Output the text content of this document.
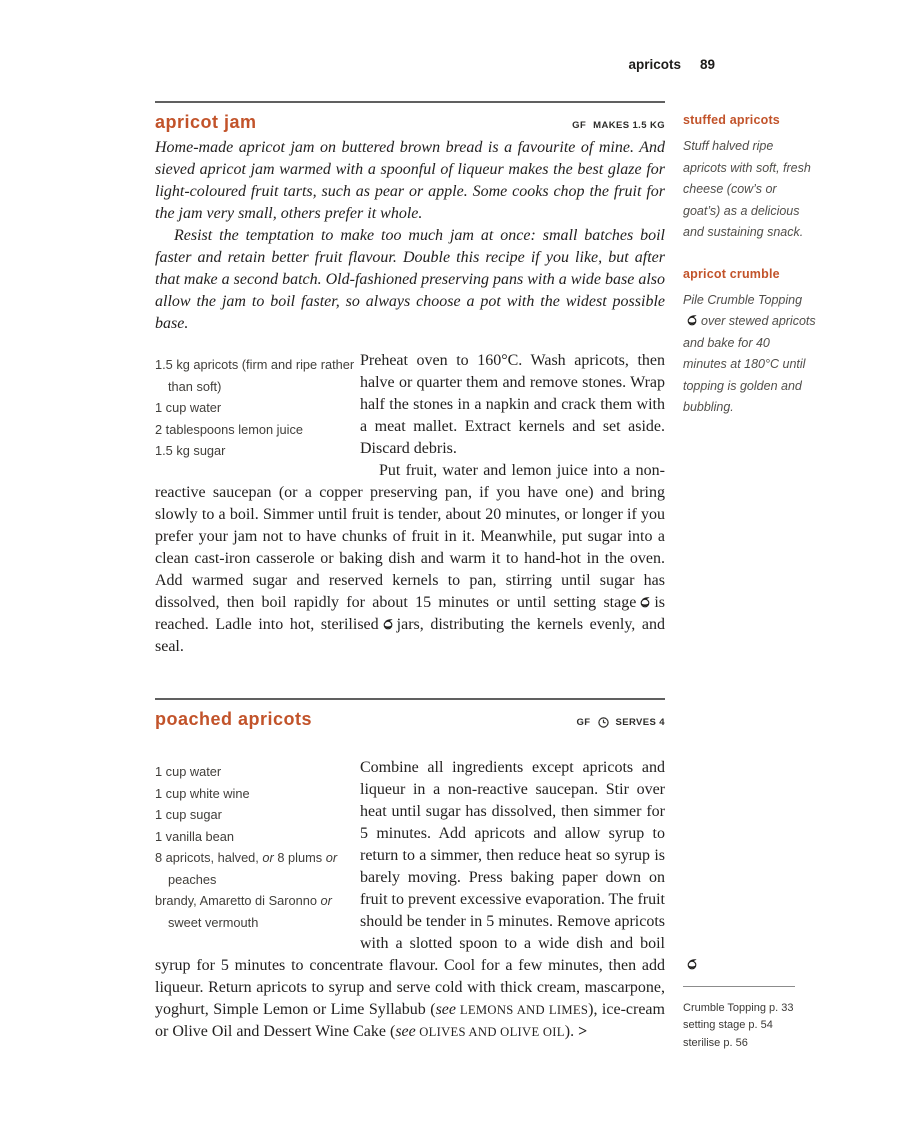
apricots 89
apricot jam	GF MAKES 1.5 KG

Home-made apricot jam on buttered brown bread is a favourite of mine. And sieved apricot jam warmed with a spoonful of liqueur makes the best glaze for light-coloured fruit tarts, such as pear or apple. Some cooks chop the fruit for the jam very small, others prefer it whole.

Resist the temptation to make too much jam at once: small batches boil faster and retain better fruit flavour. Double this recipe if you like, but after that make a second batch. Old-fashioned preserving pans with a wide base also allow the jam to boil faster, so always choose a pot with the widest possible base.

1.5 kg apricots (firm and ripe rather than soft)
1 cup water
2 tablespoons lemon juice
1.5 kg sugar

Preheat oven to 160°C. Wash apricots, then halve or quarter them and remove stones. Wrap half the stones in a napkin and crack them with a meat mallet. Extract kernels and set aside. Discard debris.

Put fruit, water and lemon juice into a non-reactive saucepan (or a copper preserving pan, if you have one) and bring slowly to a boil. Simmer until fruit is tender, about 20 minutes, or longer if you prefer your jam not to have chunks of fruit in it. Meanwhile, put sugar into a clean cast-iron casserole or baking dish and warm it to hand-hot in the oven. Add warmed sugar and reserved kernels to pan, stirring until sugar has dissolved, then boil rapidly for about 15 minutes or until setting stage is reached. Ladle into hot, sterilised jars, distributing the kernels evenly, and seal.

poached apricots	GF	SERVES 4
1 cup water
1 cup white wine
1 cup sugar
1 vanilla bean
8 apricots, halved, or 8 plums or peaches
brandy, Amaretto di Saronno or sweet vermouth

Combine all ingredients except apricots and liqueur in a non-reactive saucepan. Stir over heat until sugar has dissolved, then simmer for 5 minutes. Add apricots and allow syrup to return to a simmer, then reduce heat so syrup is barely moving. Press baking paper down on fruit to prevent excessive evaporation. The fruit should be tender in 5 minutes. Remove apricots with a slotted spoon to a wide dish and boil syrup for 5 minutes to concentrate flavour. Cool for a few minutes, then add liqueur. Return apricots to syrup and serve cold with thick cream, mascarpone, yoghurt, Simple Lemon or Lime Syllabub (see LEMONS AND LIMES), ice-cream or Olive Oil and Dessert Wine Cake (see OLIVES AND OLIVE OIL). >

stuffed apricots

Stuff halved ripe apricots with soft, fresh cheese (cow’s or goat’s) as a delicious and sustaining snack.

apricot crumble

Pile Crumble Toppingover stewed apricots and bake for 40 minutes at 180°C until topping is golden and bubbling.

Crumble Topping p. 33
setting stage p. 54
sterilise p. 56
